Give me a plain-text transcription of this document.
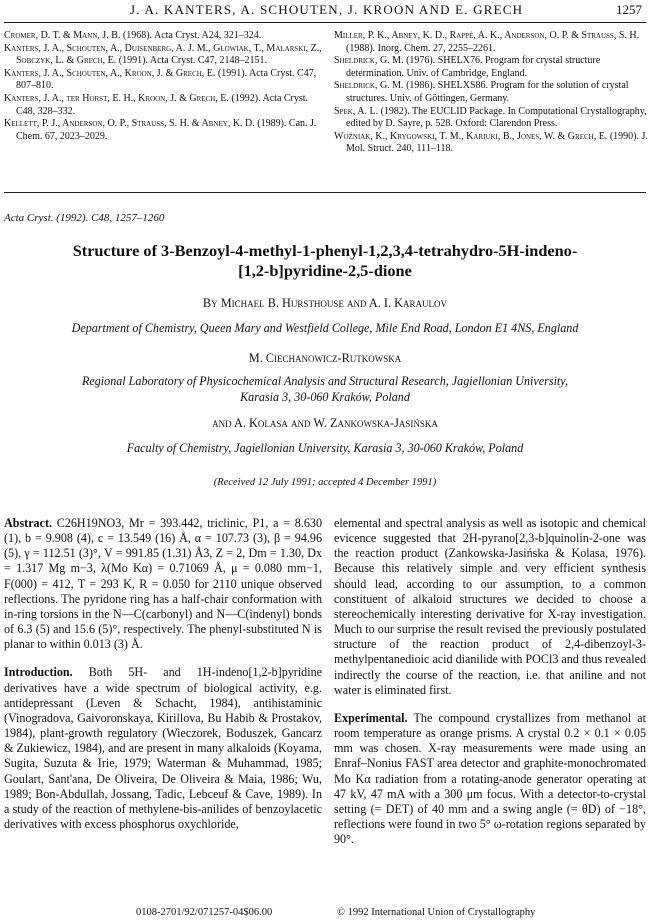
J. A. KANTERS, A. SCHOUTEN, J. KROON AND E. GRECH	1257

Cromer, D. T. & Mann, J. B. (1968). Acta Cryst. A24, 321–324.

Kanters, J. A., Schouten, A., Duisenberg, A. J. M., Głowiak, T., Malarski, Z., Sobczyk, L. & Grech, E. (1991). Acta Cryst. C47, 2148–2151.

Kanters, J. A., Schouten, A., Kroon, J. & Grech, E. (1991). Acta Cryst. C47, 807–810.

Kanters, J. A., ter Horst, E. H., Kroon, J. & Grech, E. (1992). Acta Cryst. C48, 328–332.

Kellett, P. J., Anderson, O. P., Strauss, S. H. & Abney, K. D. (1989). Can. J. Chem. 67, 2023–2029.

Miller, P. K., Abney, K. D., Rappé, A. K., Anderson, O. P. & Strauss, S. H. (1988). Inorg. Chem. 27, 2255–2261.

Sheldrick, G. M. (1976). SHELX76. Program for crystal structure determination. Univ. of Cambridge, England.

Sheldrick, G. M. (1986). SHELXS86. Program for the solution of crystal structures. Univ. of Göttingen, Germany.

Spek, A. L. (1982). The EUCLID Package. In Computational Crystallography, edited by D. Sayre, p. 528. Oxford: Clarendon Press.

Woźniak, K., Krygowski, T. M., Kariuki, B., Jones, W. & Grech, E. (1990). J. Mol. Struct. 240, 111–118.

Acta Cryst. (1992). C48, 1257–1260
Structure of 3-Benzoyl-4-methyl-1-phenyl-1,2,3,4-tetrahydro-5H-indeno-
[1,2-b]pyridine-2,5-dione
By Michael B. Hursthouse and A. I. Karaulov
Department of Chemistry, Queen Mary and Westfield College, Mile End Road, London E1 4NS, England
M. Ciechanowicz-Rutkowska
Regional Laboratory of Physicochemical Analysis and Structural Research, Jagiellonian University,
Karasia 3, 30-060 Kraków, Poland
and A. Kolasa and W. Zankowska-Jasińska
Faculty of Chemistry, Jagiellonian University, Karasia 3, 30-060 Kraków, Poland
(Received 12 July 1991; accepted 4 December 1991)

Abstract. C26H19NO3, Mr = 393.442, triclinic, P1, a = 8.630 (1), b = 9.908 (4), c = 13.549 (16) Å, α = 107.73 (3), β = 94.96 (5), γ = 112.51 (3)°, V = 991.85 (1.31) Å3, Z = 2, Dm = 1.30, Dx = 1.317 Mg m−3, λ(Mo Kα) = 0.71069 Å, μ = 0.080 mm−1, F(000) = 412, T = 293 K, R = 0.050 for 2110 unique observed reflections. The pyridone ring has a half-chair conformation with in-ring torsions in the N—C(carbonyl) and N—C(indenyl) bonds of 6.3 (5) and 15.6 (5)°, respectively. The phenyl-substituted N is planar to within 0.013 (3) Å.

Introduction. Both 5H- and 1H-indeno[1,2-b]pyridine derivatives have a wide spectrum of biological activity, e.g. antidepressant (Leven & Schacht, 1984), antihistaminic (Vinogradova, Gaivoronskaya, Kirillova, Bu Habib & Prostakov, 1984), plant-growth regulatory (Wieczorek, Boduszek, Gancarz & Zukiewicz, 1984), and are present in many alkaloids (Koyama, Sugita, Suzuta & Irie, 1979; Waterman & Muhammad, 1985; Goulart, Sant'ana, De Oliveira, De Oliveira & Maia, 1986; Wu, 1989; Bon-Abdullah, Jossang, Tadic, Lebceuf & Cave, 1989). In a study of the reaction of methylene-bis-anilides of benzoylacetic derivatives with excess phosphorus oxychloride,

elemental and spectral analysis as well as isotopic and chemical evicence suggested that 2H-pyrano[2,3-b]quinolin-2-one was the reaction product (Zankowska-Jasińska & Kolasa, 1976). Because this relatively simple and very efficient synthesis should lead, according to our assumption, to a common constituent of alkaloid structures we decided to choose a stereochemically interesting derivative for X-ray investigation. Much to our surprise the result revised the previously postulated structure of the reaction product of 2,4-dibenzoyl-3-methylpentanedioic acid dianilide with POCl3 and thus revealed indirectly the course of the reaction, i.e. that aniline and not water is eliminated first.

Experimental. The compound crystallizes from methanol at room temperature as orange prisms. A crystal 0.2 × 0.1 × 0.05 mm was chosen. X-ray measurements were made using an Enraf–Nonius FAST area detector and graphite-monochromated Mo Kα radiation from a rotating-anode generator operating at 47 kV, 47 mA with a 300 μm focus. With a detector-to-crystal setting (= DET) of 40 mm and a swing angle (= θD) of −18°, reflections were found in two 5° ω-rotation regions separated by 90°.

0108-2701/92/071257-04$06.00	© 1992 International Union of Crystallography
